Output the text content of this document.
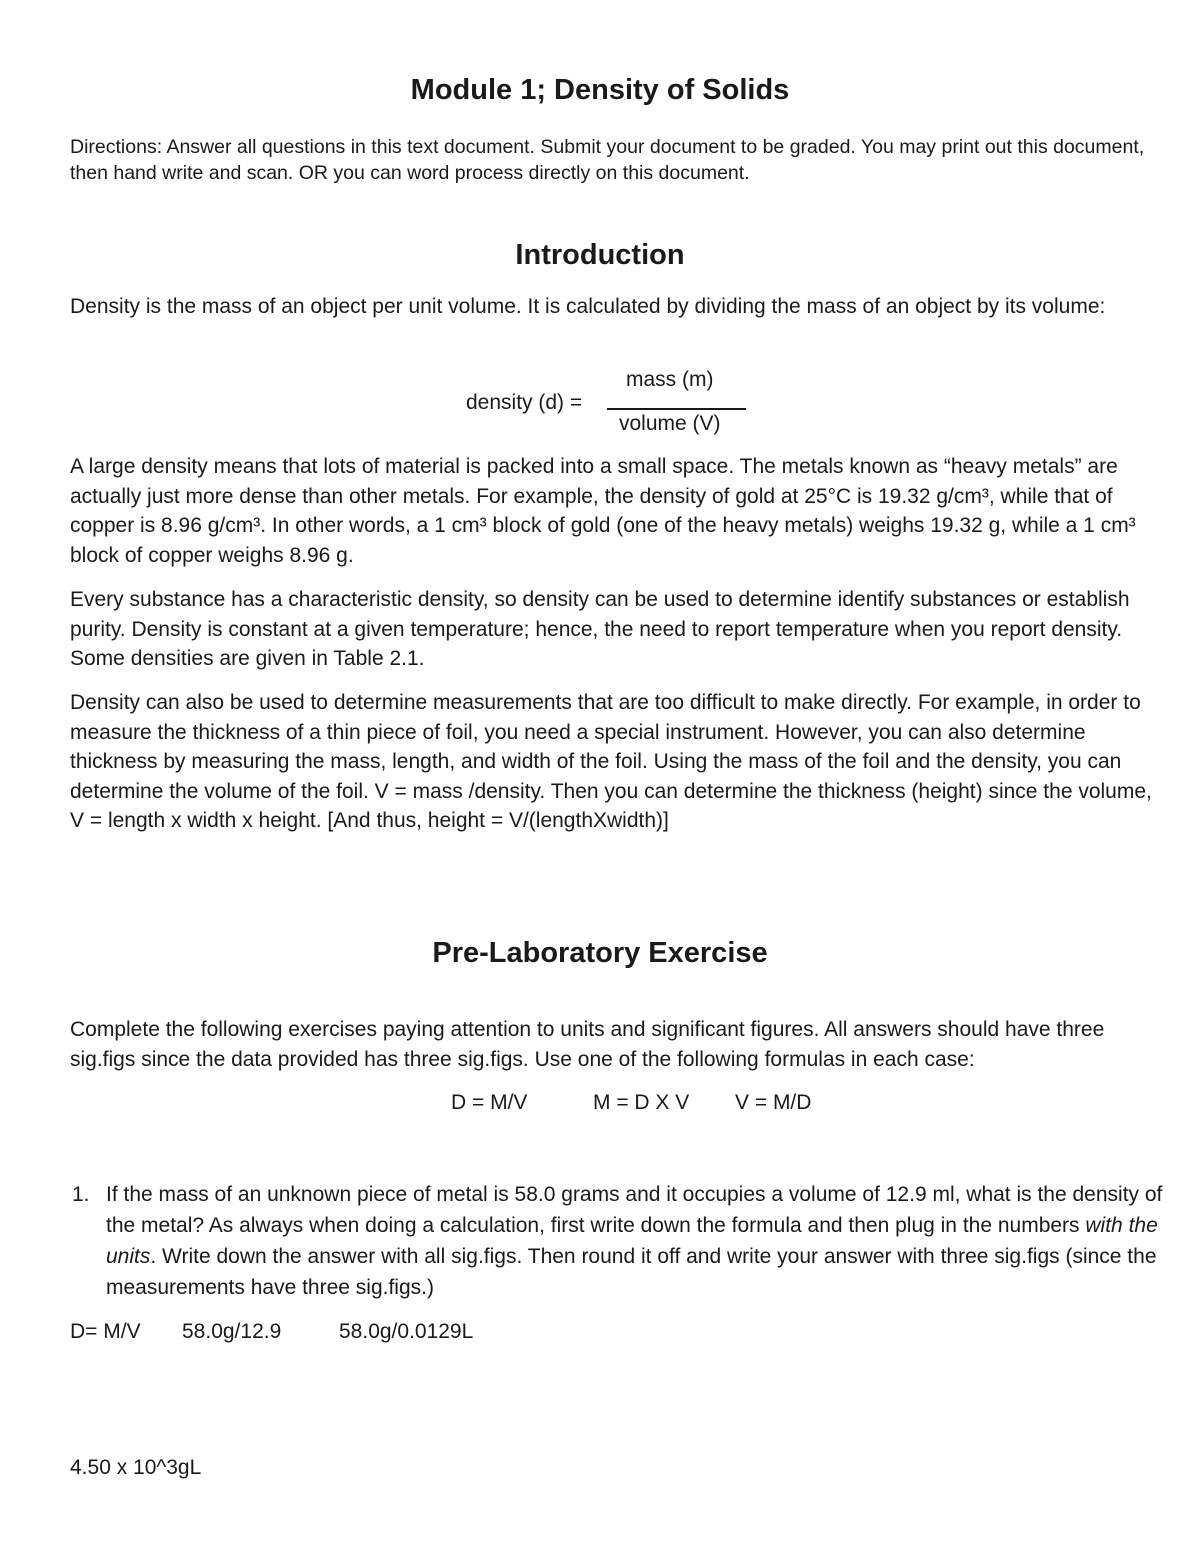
Module 1; Density of Solids

Directions: Answer all questions in this text document. Submit your document to be graded. You may print out this document, then hand write and scan. OR you can word process directly on this document.

Introduction

Density is the mass of an object per unit volume. It is calculated by dividing the mass of an object by its volume:

density (d) =
mass (m)
volume (V)

A large density means that lots of material is packed into a small space. The metals known as “heavy metals” are actually just more dense than other metals. For example, the density of gold at 25°C is 19.32 g/cm³, while that of copper is 8.96 g/cm³. In other words, a 1 cm³ block of gold (one of the heavy metals) weighs 19.32 g, while a 1 cm³ block of copper weighs 8.96 g.

Every substance has a characteristic density, so density can be used to determine identify substances or establish purity. Density is constant at a given temperature; hence, the need to report temperature when you report density. Some densities are given in Table 2.1.

Density can also be used to determine measurements that are too difficult to make directly. For example, in order to measure the thickness of a thin piece of foil, you need a special instrument. However, you can also determine thickness by measuring the mass, length, and width of the foil. Using the mass of the foil and the density, you can determine the volume of the foil. V = mass /density. Then you can determine the thickness (height) since the volume, V = length x width x height. [And thus, height = V/(lengthXwidth)]

Pre-Laboratory Exercise

Complete the following exercises paying attention to units and significant figures. All answers should have three sig.figs since the data provided has three sig.figs. Use one of the following formulas in each case:

D = M/V	M = D X V V = M/D
1. If the mass of an unknown piece of metal is 58.0 grams and it occupies a volume of 12.9 ml, what is the density of the metal? As always when doing a calculation, first write down the formula and then plug in the numbers with the units. Write down the answer with all sig.figs. Then round it off and write your answer with three sig.figs (since the measurements have three sig.figs.)

D= M/V 58.0g/12.9	58.0g/0.0129L

4.50 x 10^3gL
